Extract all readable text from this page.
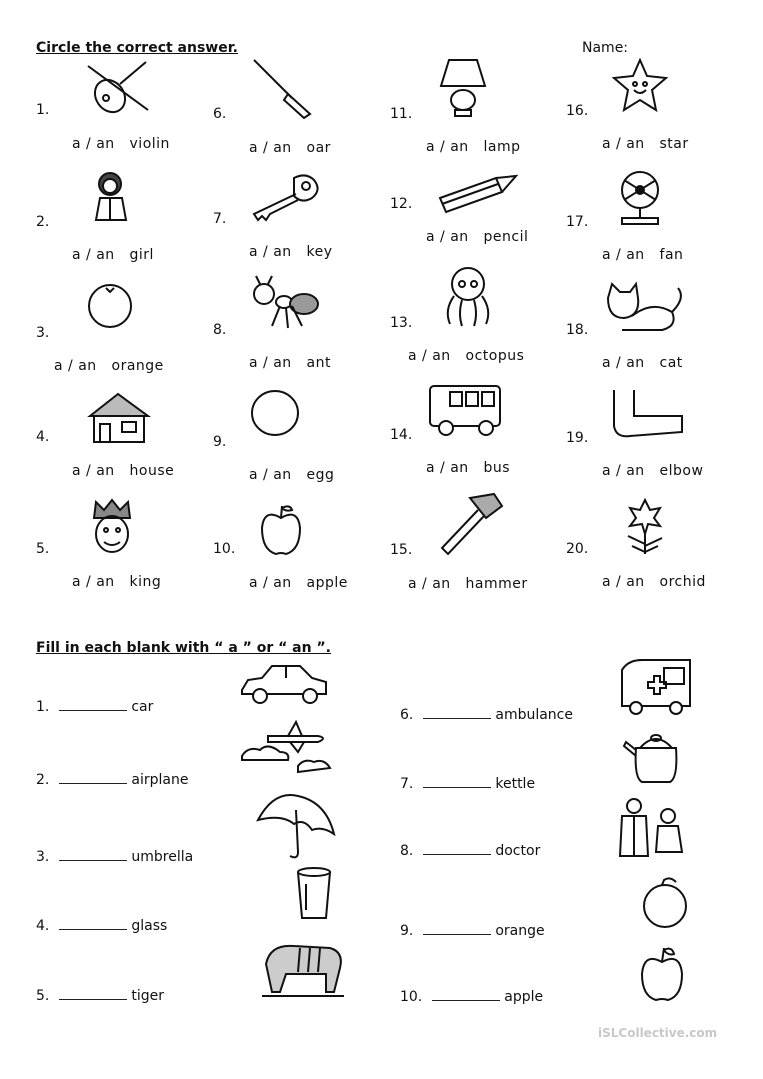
Circle the correct answer.	Name:
1.
a / an violin
2.
a / an girl
3.
a / an orange
4.
a / an house
5.
a / an king
6.
a / an oar
7.
a / an key
8.
a / an ant
9.
a / an egg
10.
a / an apple
11.
a / an lamp
12.
a / an pencil
13.
a / an octopus
14.
a / an bus
15.
a / an hammer
16.
a / an star
17.
a / an fan
18.
a / an cat
19.
a / an elbow
20.
a / an orchid
Fill in each blank with “ a ” or “ an ”.
1.	car
2.	airplane
3.	umbrella
4.	glass
5.	tiger
6.	ambulance
7.	kettle
8.	doctor
9.	orange
10.	apple
iSLCollective.com
